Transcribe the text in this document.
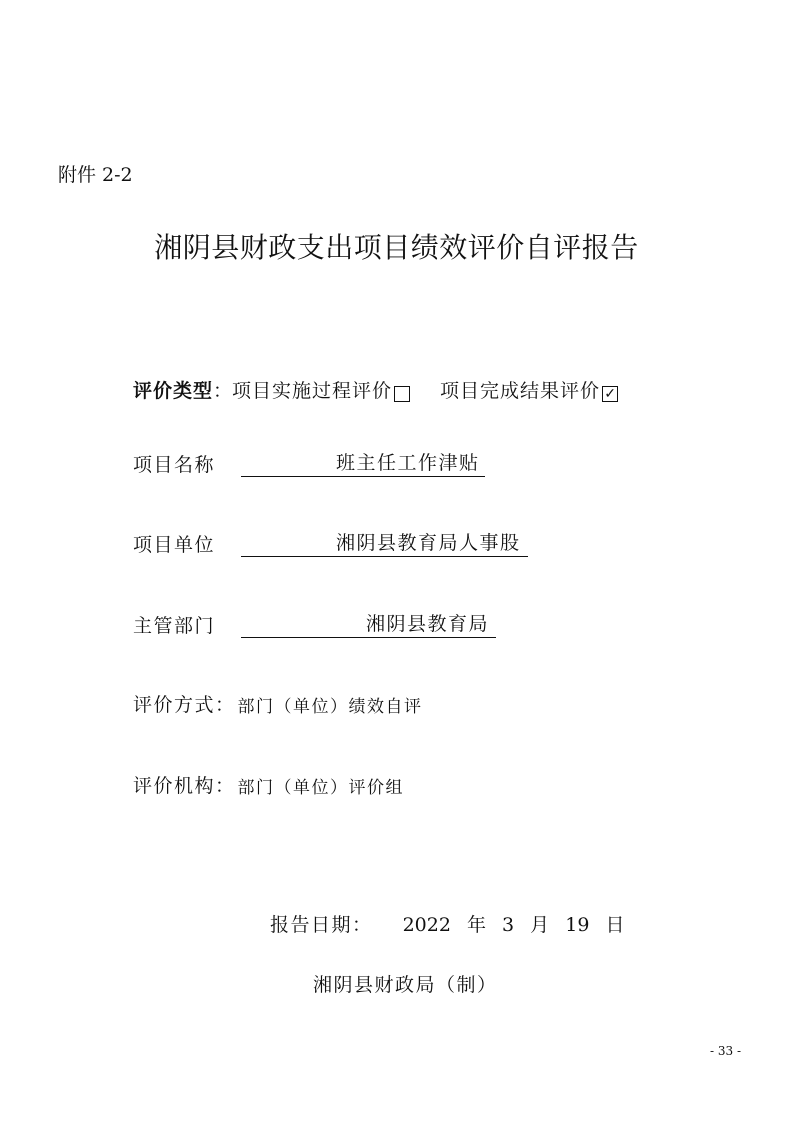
附件 2-2
湘阴县财政支出项目绩效评价自评报告
评价类型 ： 项目实施过程评价	项目完成结果评价 ✓
项目名称	班主任工作津贴
项目单位	湘阴县教育局人事股
主管部门	湘阴县教育局
评价方式： 部门（单位）绩效自评
评价机构： 部门（单位）评价组
报告日期： 2022 年 3 月 19 日
湘阴县财政局（制）
- 33 -
